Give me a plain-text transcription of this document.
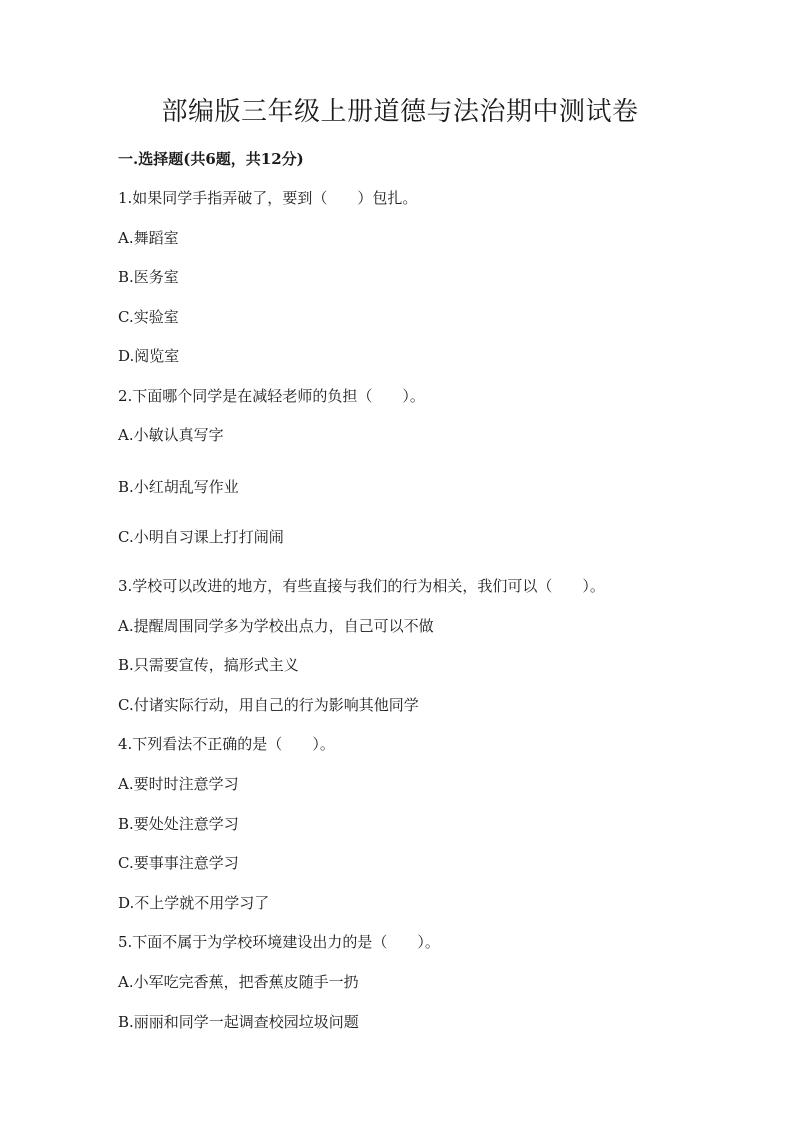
部编版三年级上册道德与法治期中测试卷

一.选择题(共6题，共12分)

1.如果同学手指弄破了，要到（　　）包扎。

A.舞蹈室

B.医务室

C.实验室

D.阅览室

2.下面哪个同学是在减轻老师的负担（　　）。

A.小敏认真写字

B.小红胡乱写作业

C.小明自习课上打打闹闹

3.学校可以改进的地方，有些直接与我们的行为相关，我们可以（　　）。

A.提醒周围同学多为学校出点力，自己可以不做

B.只需要宣传，搞形式主义

C.付诸实际行动，用自己的行为影响其他同学

4.下列看法不正确的是（　　）。

A.要时时注意学习

B.要处处注意学习

C.要事事注意学习

D.不上学就不用学习了

5.下面不属于为学校环境建设出力的是（　　）。

A.小军吃完香蕉，把香蕉皮随手一扔

B.丽丽和同学一起调查校园垃圾问题
